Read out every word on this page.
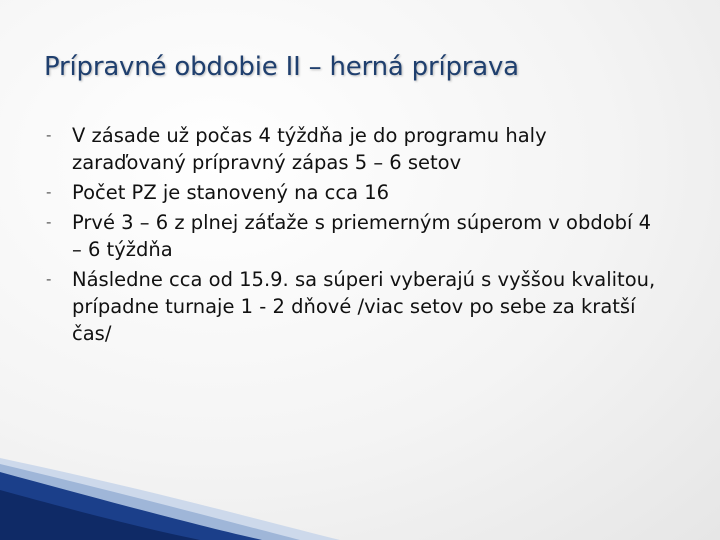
Prípravné obdobie II – herná príprava
-	V zásade už počas 4 týždňa je do programu haly zaraďovaný prípravný zápas 5 – 6 setov
-	Počet PZ je stanovený na cca 16
-	Prvé 3 – 6 z plnej záťaže s priemerným súperom v období 4 – 6 týždňa
-	Následne cca od 15.9. sa súperi vyberajú s vyššou kvalitou, prípadne turnaje 1 - 2 dňové /viac setov po sebe za kratší čas/
